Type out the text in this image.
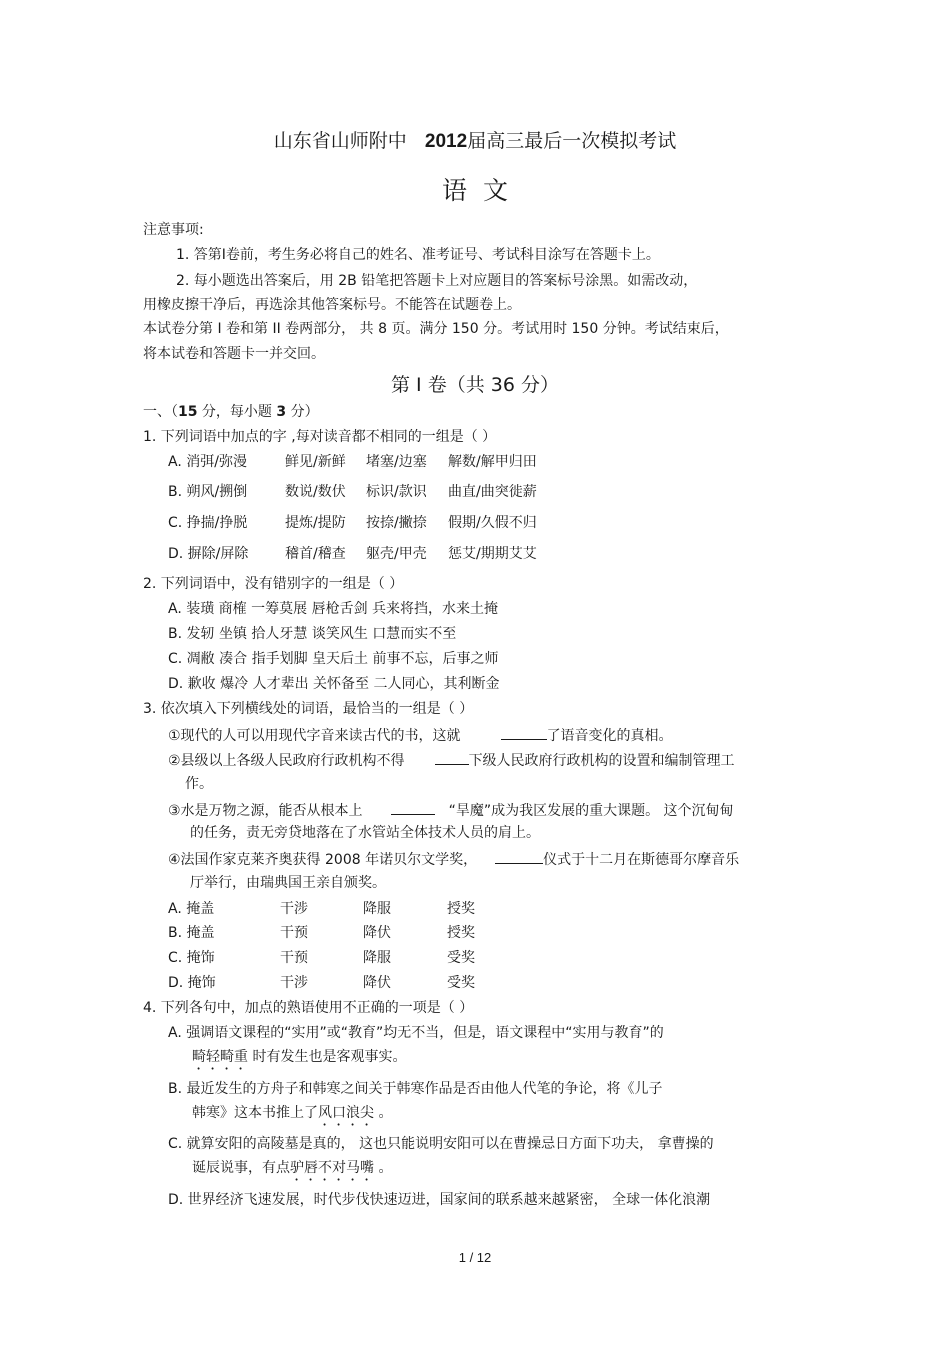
山东省山师附中 2012届高三最后一次模拟考试
语文
注意事项:
1. 答第Ⅰ卷前，考生务必将自己的姓名、准考证号、考试科目涂写在答题卡上。
2. 每小题选出答案后，用 2B 铅笔把答题卡上对应题目的答案标号涂黑。如需改动，
用橡皮擦干净后，再选涂其他答案标号。不能答在试题卷上。
本试卷分第 I 卷和第 II 卷两部分， 共 8 页。满分 150 分。考试用时 150 分钟。考试结束后，
将本试卷和答题卡一并交回。
第 I 卷（共 36 分）
一、（15 分，每小题 3 分）
1. 下列词语中加点的字 ,每对读音都不相同的一组是（ ）
A. 消弭/弥漫	鲜见/新鲜 堵塞/边塞 解数/解甲归田
B. 朔风/搠倒	数说/数伏 标识/款识 曲直/曲突徙薪
C. 挣揣/挣脱	提炼/提防 按捺/撇捺 假期/久假不归
D. 摒除/屏除	稽首/稽查 躯壳/甲壳 惩艾/期期艾艾
2. 下列词语中，没有错别字的一组是（ ）
A. 装璜 商榷 一筹莫展 唇枪舌剑 兵来将挡，水来土掩
B. 发轫 坐镇 拾人牙慧 谈笑风生 口慧而实不至
C. 凋敝 凑合 指手划脚 皇天后土 前事不忘，后事之师
D. 歉收 爆冷 人才辈出 关怀备至 二人同心，其利断金
3. 依次填入下列横线处的词语，最恰当的一组是（ ）
①现代的人可以用现代字音来读古代的书，这就	了语音变化的真相。
②县级以上各级人民政府行政机构不得	下级人民政府行政机构的设置和编制管理工
作。
③水是万物之源，能否从根本上	“旱魔”成为我区发展的重大课题。 这个沉甸甸
的任务，责无旁贷地落在了水管站全体技术人员的肩上。
④法国作家克莱齐奥获得 2008 年诺贝尔文学奖，	仪式于十二月在斯德哥尔摩音乐
厅举行，由瑞典国王亲自颁奖。
A. 掩盖	干涉	降服	授奖
B. 掩盖	干预	降伏	授奖
C. 掩饰	干预	降服	受奖
D. 掩饰	干涉	降伏	受奖
4. 下列各句中，加点的熟语使用不正确的一项是（ ）
A. 强调语文课程的“实用”或“教育”均无不当，但是，语文课程中“实用与教育”的
畸轻畸重 时有发生也是客观事实。
B. 最近发生的方舟子和韩寒之间关于韩寒作品是否由他人代笔的争论，将《儿子
韩寒》这本书推上了风口浪尖 。
C. 就算安阳的高陵墓是真的， 这也只能说明安阳可以在曹操忌日方面下功夫， 拿曹操的
诞辰说事，有点驴唇不对马嘴 。
D. 世界经济飞速发展，时代步伐快速迈进，国家间的联系越来越紧密， 全球一体化浪潮
1 / 12
